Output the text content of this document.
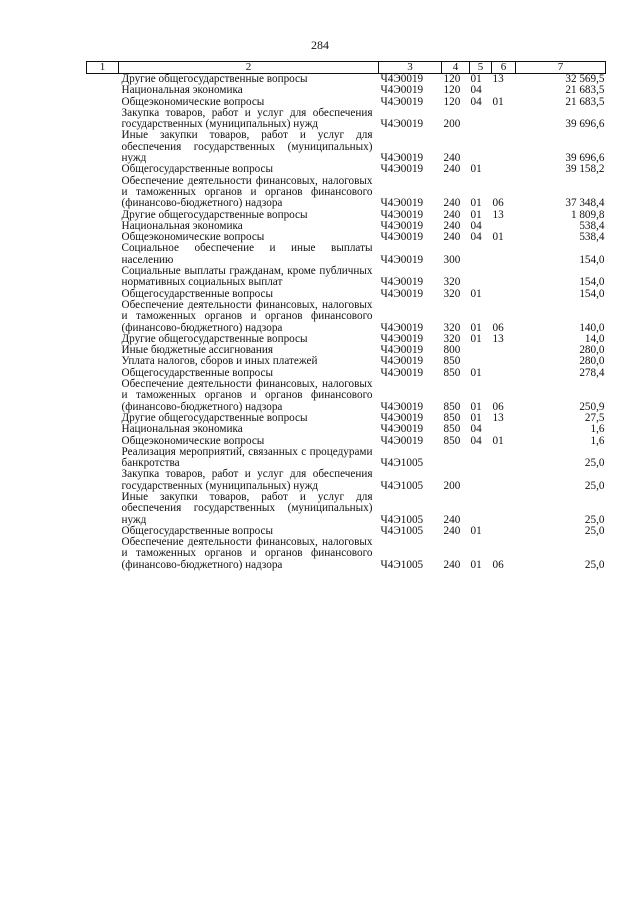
284
1	2	3	4	5	6	7
	Другие общегосударственные вопросы	Ч4Э0019	120	01	13	32 569,5
	Национальная экономика	Ч4Э0019	120	04		21 683,5
	Общеэкономические вопросы	Ч4Э0019	120	04	01	21 683,5
	Закупка товаров, работ и услуг для обеспечения государственных (муниципальных) нужд	Ч4Э0019	200			39 696,6
	Иные закупки товаров, работ и услуг для обеспечения государственных (муниципальных) нужд	Ч4Э0019	240			39 696,6
	Общегосударственные вопросы	Ч4Э0019	240	01		39 158,2
	Обеспечение деятельности финансовых, налоговых и таможенных органов и органов финансового (финансово-бюджетного) надзора	Ч4Э0019	240	01	06	37 348,4
	Другие общегосударственные вопросы	Ч4Э0019	240	01	13	1 809,8
	Национальная экономика	Ч4Э0019	240	04		538,4
	Общеэкономические вопросы	Ч4Э0019	240	04	01	538,4
	Социальное обеспечение и иные выплаты населению	Ч4Э0019	300			154,0
	Социальные выплаты гражданам, кроме публичных нормативных социальных выплат	Ч4Э0019	320			154,0
	Общегосударственные вопросы	Ч4Э0019	320	01		154,0
	Обеспечение деятельности финансовых, налоговых и таможенных органов и органов финансового (финансово-бюджетного) надзора	Ч4Э0019	320	01	06	140,0
	Другие общегосударственные вопросы	Ч4Э0019	320	01	13	14,0
	Иные бюджетные ассигнования	Ч4Э0019	800			280,0
	Уплата налогов, сборов и иных платежей	Ч4Э0019	850			280,0
	Общегосударственные вопросы	Ч4Э0019	850	01		278,4
	Обеспечение деятельности финансовых, налоговых и таможенных органов и органов финансового (финансово-бюджетного) надзора	Ч4Э0019	850	01	06	250,9
	Другие общегосударственные вопросы	Ч4Э0019	850	01	13	27,5
	Национальная экономика	Ч4Э0019	850	04		1,6
	Общеэкономические вопросы	Ч4Э0019	850	04	01	1,6
	Реализация мероприятий, связанных с процедурами банкротства	Ч4Э1005				25,0
	Закупка товаров, работ и услуг для обеспечения государственных (муниципальных) нужд	Ч4Э1005	200			25,0
	Иные закупки товаров, работ и услуг для обеспечения государственных (муниципальных) нужд	Ч4Э1005	240			25,0
	Общегосударственные вопросы	Ч4Э1005	240	01		25,0
	Обеспечение деятельности финансовых, налоговых и таможенных органов и органов финансового (финансово-бюджетного) надзора	Ч4Э1005	240	01	06	25,0
